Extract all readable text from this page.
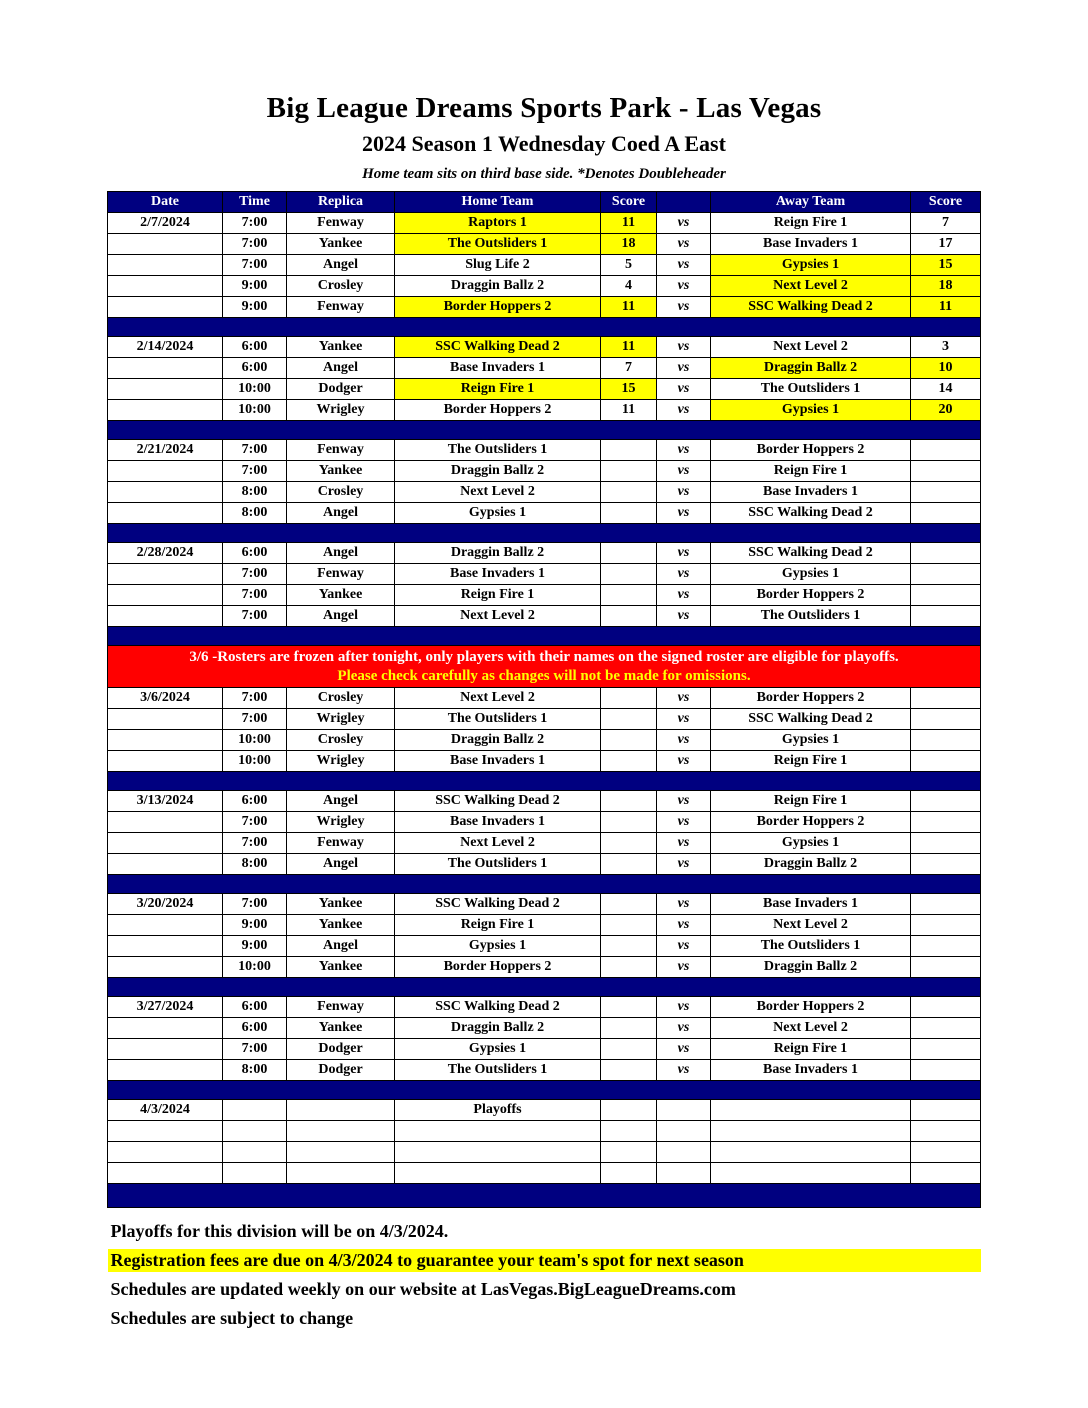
Big League Dreams Sports Park - Las Vegas
2024 Season 1 Wednesday Coed A East
Home team sits on third base side. *Denotes Doubleheader
Date	Time	Replica	Home Team	Score		Away Team	Score
2/7/2024	7:00	Fenway	Raptors 1	11	vs	Reign Fire 1	7
	7:00	Yankee	The Outsliders 1	18	vs	Base Invaders 1	17
	7:00	Angel	Slug Life 2	5	vs	Gypsies 1	15
	9:00	Crosley	Draggin Ballz 2	4	vs	Next Level 2	18
	9:00	Fenway	Border Hoppers 2	11	vs	SSC Walking Dead 2	11

2/14/2024	6:00	Yankee	SSC Walking Dead 2	11	vs	Next Level 2	3
	6:00	Angel	Base Invaders 1	7	vs	Draggin Ballz 2	10
	10:00	Dodger	Reign Fire 1	15	vs	The Outsliders 1	14
	10:00	Wrigley	Border Hoppers 2	11	vs	Gypsies 1	20

2/21/2024	7:00	Fenway	The Outsliders 1		vs	Border Hoppers 2	
	7:00	Yankee	Draggin Ballz 2		vs	Reign Fire 1	
	8:00	Crosley	Next Level 2		vs	Base Invaders 1	
	8:00	Angel	Gypsies 1		vs	SSC Walking Dead 2	

2/28/2024	6:00	Angel	Draggin Ballz 2		vs	SSC Walking Dead 2	
	7:00	Fenway	Base Invaders 1		vs	Gypsies 1	
	7:00	Yankee	Reign Fire 1		vs	Border Hoppers 2	
	7:00	Angel	Next Level 2		vs	The Outsliders 1	

3/6 -Rosters are frozen after tonight, only players with their names on the signed roster are eligible for playoffs.
Please check carefully as changes will not be made for omissions.							

3/6/2024	7:00	Crosley	Next Level 2		vs	Border Hoppers 2	
	7:00	Wrigley	The Outsliders 1		vs	SSC Walking Dead 2	
	10:00	Crosley	Draggin Ballz 2		vs	Gypsies 1	
	10:00	Wrigley	Base Invaders 1		vs	Reign Fire 1	

3/13/2024	6:00	Angel	SSC Walking Dead 2		vs	Reign Fire 1	
	7:00	Wrigley	Base Invaders 1		vs	Border Hoppers 2	
	7:00	Fenway	Next Level 2		vs	Gypsies 1	
	8:00	Angel	The Outsliders 1		vs	Draggin Ballz 2	

3/20/2024	7:00	Yankee	SSC Walking Dead 2		vs	Base Invaders 1	
	9:00	Yankee	Reign Fire 1		vs	Next Level 2	
	9:00	Angel	Gypsies 1		vs	The Outsliders 1	
	10:00	Yankee	Border Hoppers 2		vs	Draggin Ballz 2	

3/27/2024	6:00	Fenway	SSC Walking Dead 2		vs	Border Hoppers 2	
	6:00	Yankee	Draggin Ballz 2		vs	Next Level 2	
	7:00	Dodger	Gypsies 1		vs	Reign Fire 1	
	8:00	Dodger	The Outsliders 1		vs	Base Invaders 1	

4/3/2024			Playoffs				

Playoffs for this division will be on 4/3/2024.
Registration fees are due on 4/3/2024 to guarantee your team's spot for next season
Schedules are updated weekly on our website at LasVegas.BigLeagueDreams.com
Schedules are subject to change
